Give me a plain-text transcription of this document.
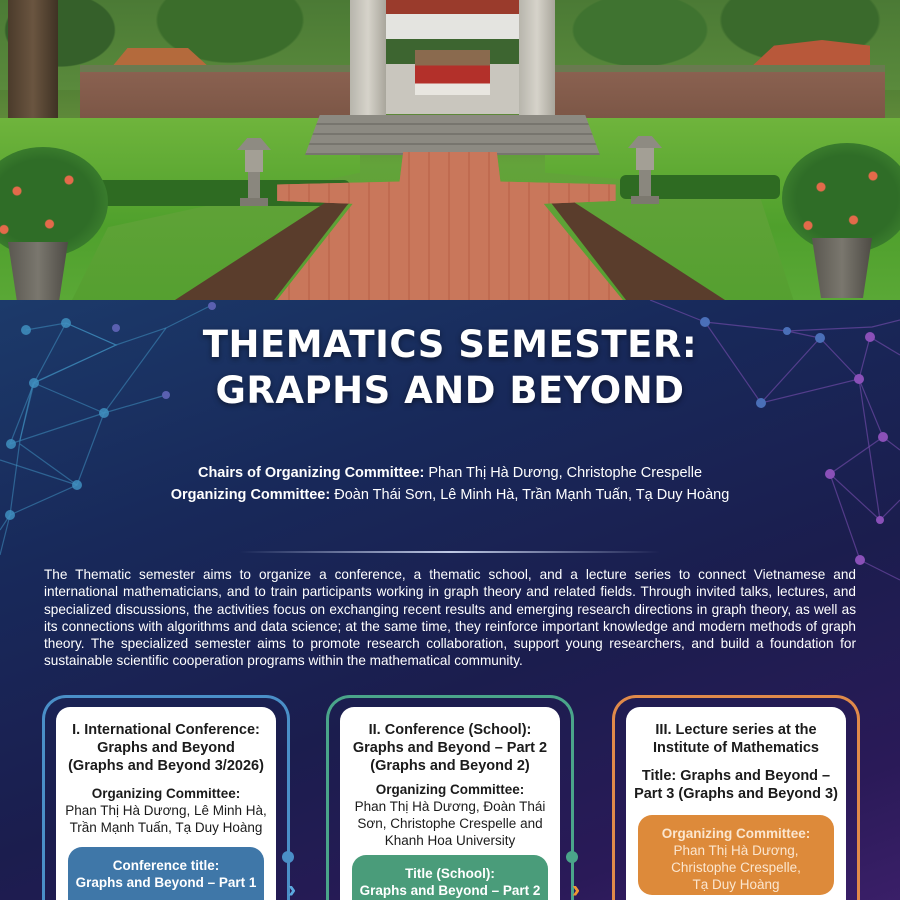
THEMATICS SEMESTER:
GRAPHS AND BEYOND
Chairs of Organizing Committee: Phan Thị Hà Dương, Christophe Crespelle
Organizing Committee: Đoàn Thái Sơn, Lê Minh Hà, Trần Mạnh Tuấn, Tạ Duy Hoàng

The Thematic semester aims to organize a conference, a thematic school, and a lecture series to connect Vietnamese and international mathematicians, and to train participants working in graph theory and related fields. Through invited talks, lectures, and specialized discussions, the activities focus on exchanging recent results and emerging research directions in graph theory, as well as its connections with algorithms and data science; at the same time, they reinforce important knowledge and modern methods of graph theory. The specialized semester aims to promote research collaboration, support young researchers, and build a foundation for sustainable scientific cooperation programs within the mathematical community.

I. International Conference:
Graphs and Beyond
(Graphs and Beyond 3/2026)
Organizing Committee:
Phan Thị Hà Dương, Lê Minh Hà,
Trần Mạnh Tuấn, Tạ Duy Hoàng
Conference title:
Graphs and Beyond – Part 1
II. Conference (School):
Graphs and Beyond – Part 2
(Graphs and Beyond 2)
Organizing Committee:
Phan Thị Hà Dương, Đoàn Thái
Sơn, Christophe Crespelle and
Khanh Hoa University
Title (School):
Graphs and Beyond – Part 2
III. Lecture series at the
Institute of Mathematics
Title: Graphs and Beyond –
Part 3 (Graphs and Beyond 3)
Organizing Committee:
Phan Thị Hà Dương,
Christophe Crespelle,
Tạ Duy Hoàng
